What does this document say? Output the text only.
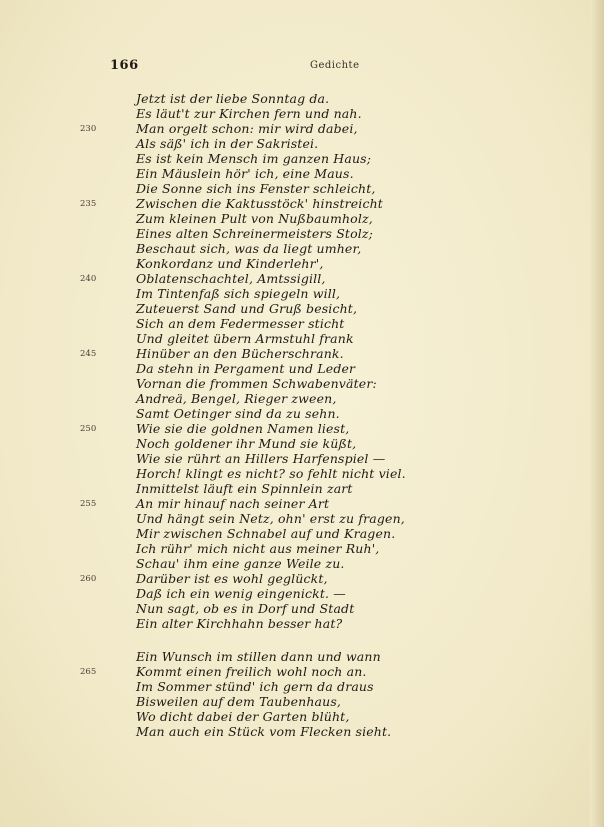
166	Gedichte
Jetzt ist der liebe Sonntag da.
Es läut't zur Kirchen fern und nah.
Man orgelt schon: mir wird dabei,
Als säß' ich in der Sakristei.
Es ist kein Mensch im ganzen Haus;
Ein Mäuslein hör' ich, eine Maus.
Die Sonne sich ins Fenster schleicht,
Zwischen die Kaktusstöck' hinstreicht
Zum kleinen Pult von Nußbaumholz,
Eines alten Schreinermeisters Stolz;
Beschaut sich, was da liegt umher,
Konkordanz und Kinderlehr',
Oblatenschachtel, Amtssigill,
Im Tintenfaß sich spiegeln will,
Zuteuerst Sand und Gruß besicht,
Sich an dem Federmesser sticht
Und gleitet übern Armstuhl frank
Hinüber an den Bücherschrank.
Da stehn in Pergament und Leder
Vornan die frommen Schwabenväter:
Andreä, Bengel, Rieger zween,
Samt Oetinger sind da zu sehn.
Wie sie die goldnen Namen liest,
Noch goldener ihr Mund sie küßt,
Wie sie rührt an Hillers Harfenspiel —
Horch! klingt es nicht? so fehlt nicht viel.
Inmittelst läuft ein Spinnlein zart
An mir hinauf nach seiner Art
Und hängt sein Netz, ohn' erst zu fragen,
Mir zwischen Schnabel auf und Kragen.
Ich rühr' mich nicht aus meiner Ruh',
Schau' ihm eine ganze Weile zu.
Darüber ist es wohl geglückt,
Daß ich ein wenig eingenickt. —
Nun sagt, ob es in Dorf und Stadt
Ein alter Kirchhahn besser hat?
Ein Wunsch im stillen dann und wann
Kommt einen freilich wohl noch an.
Im Sommer stünd' ich gern da draus
Bisweilen auf dem Taubenhaus,
Wo dicht dabei der Garten blüht,
Man auch ein Stück vom Flecken sieht.
230
235
240
245
250
255
260
265
